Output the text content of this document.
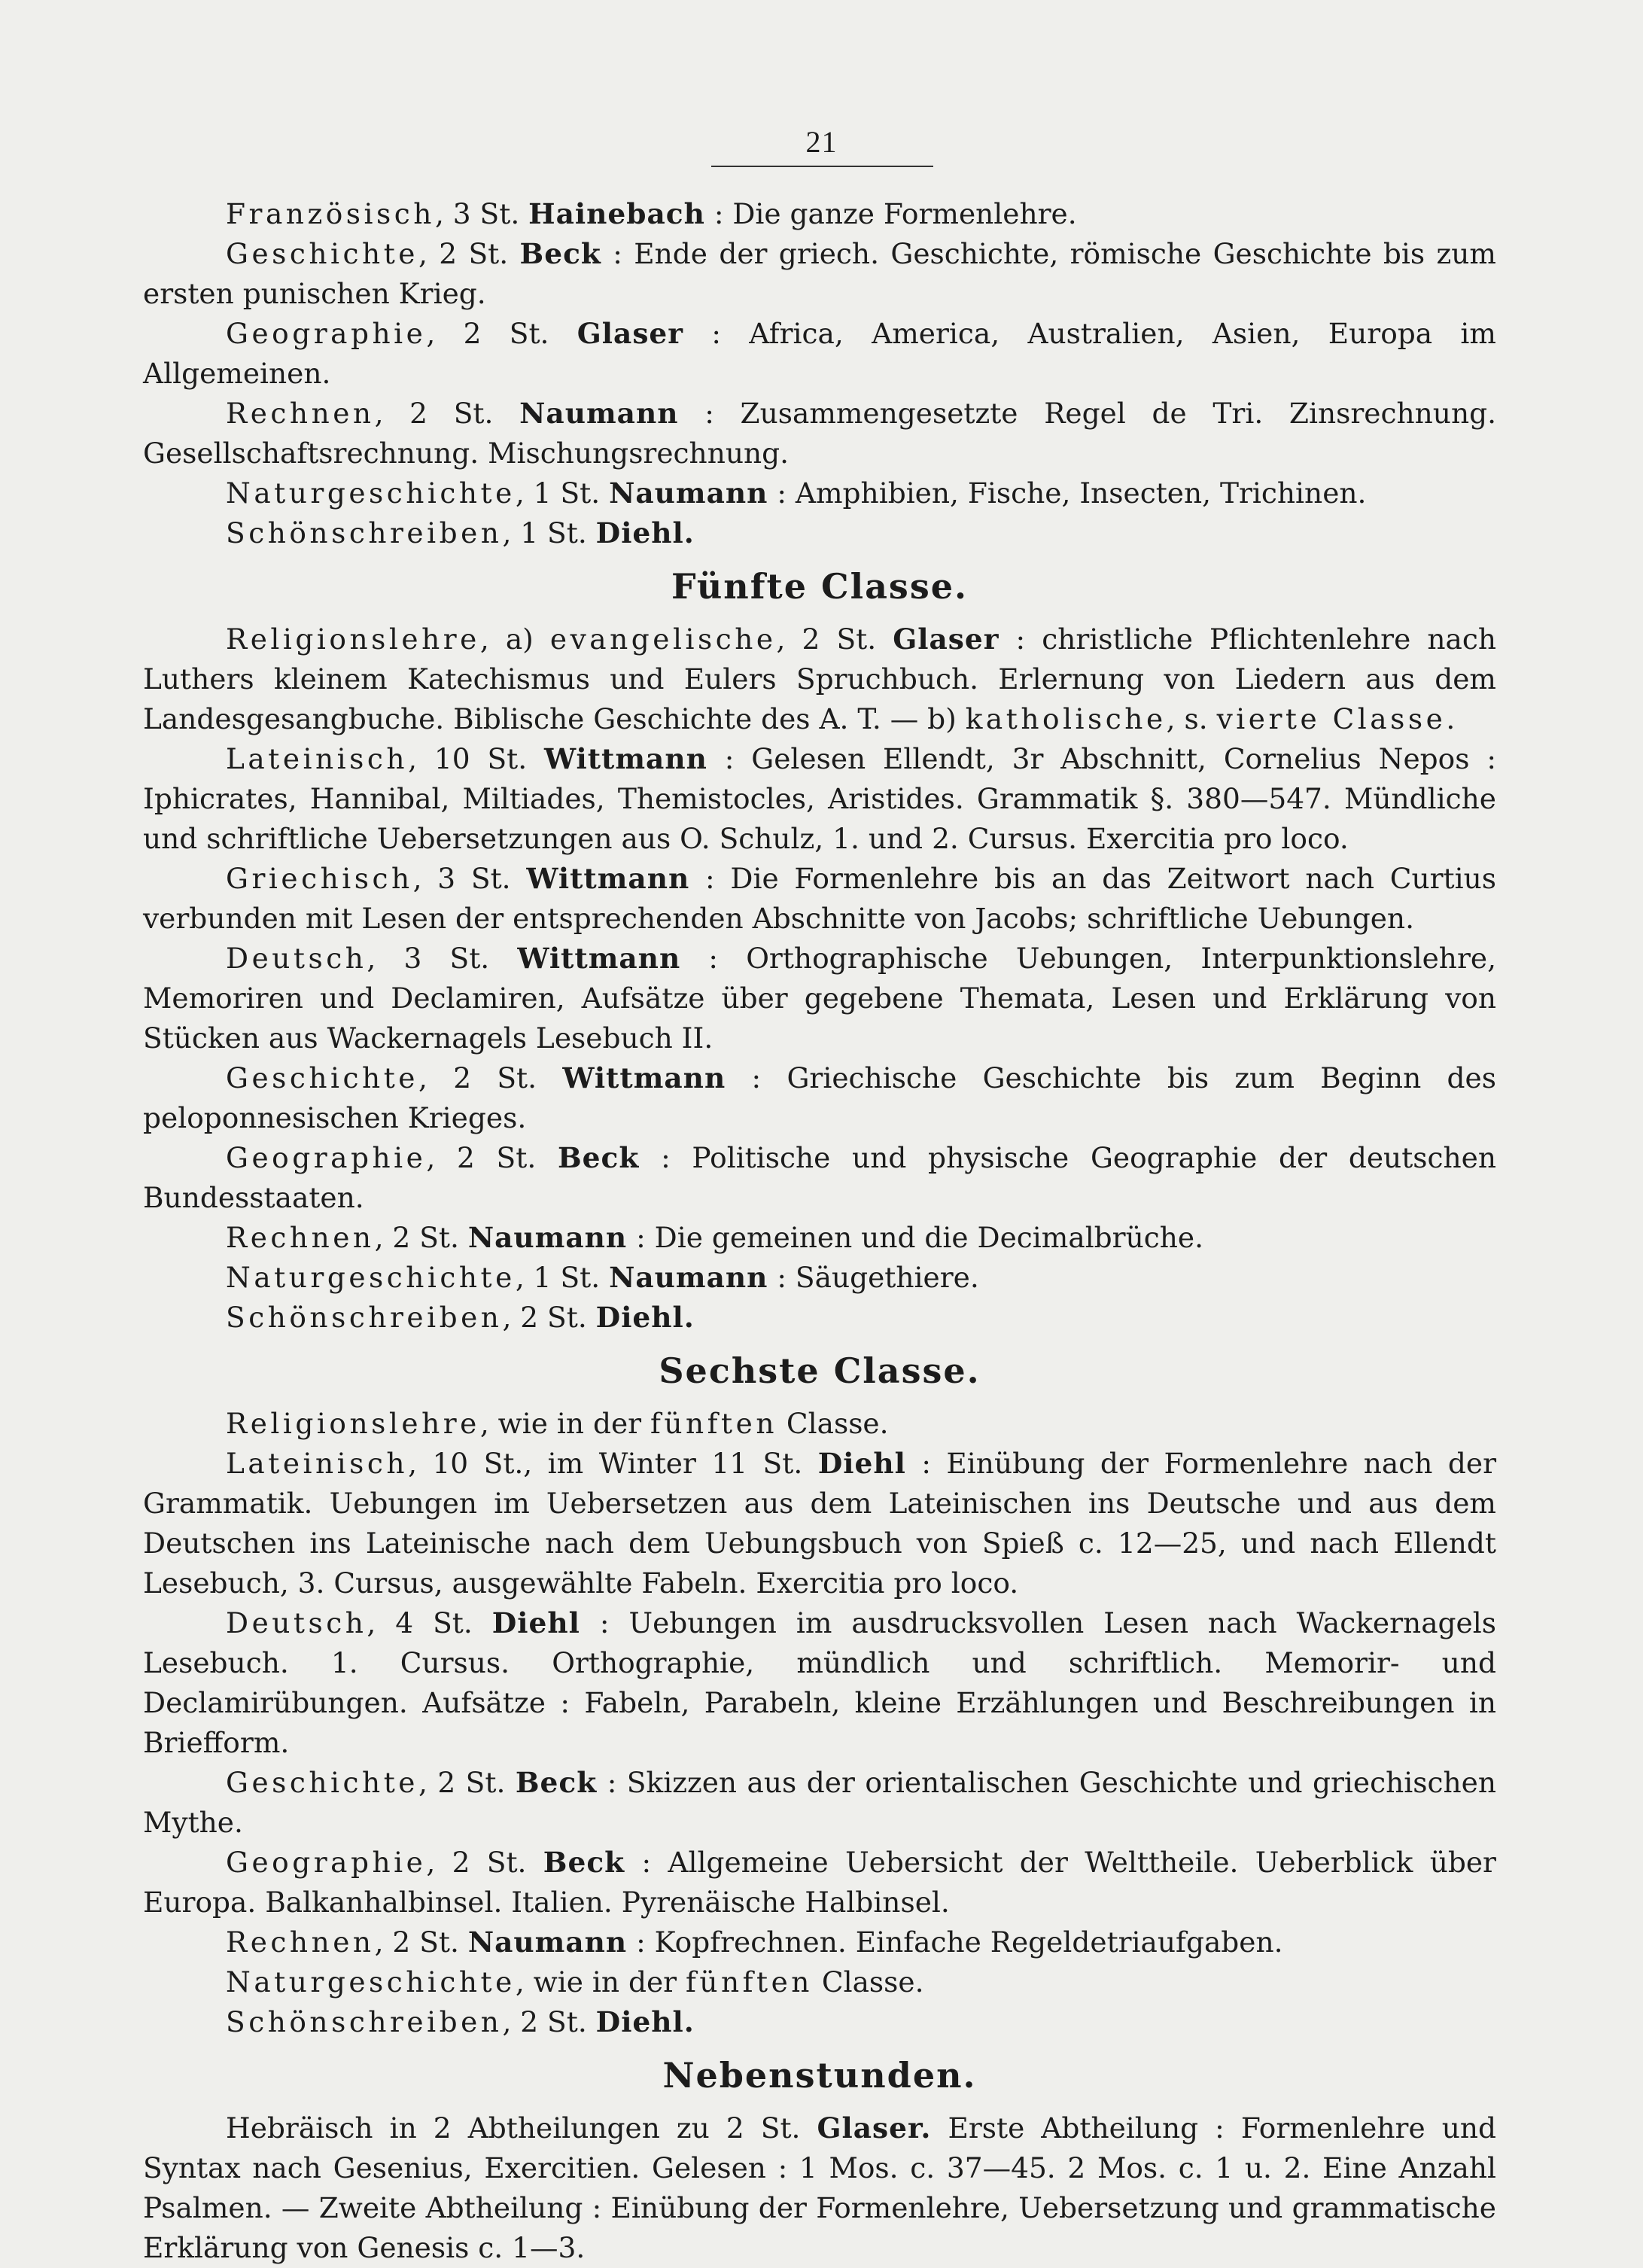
21

Französisch, 3 St. Hainebach : Die ganze Formenlehre.

Geschichte, 2 St. Beck : Ende der griech. Geschichte, römische Geschichte bis zum ersten punischen Krieg.

Geographie, 2 St. Glaser : Africa, America, Australien, Asien, Europa im Allgemeinen.

Rechnen, 2 St. Naumann : Zusammengesetzte Regel de Tri. Zinsrechnung. Gesellschaftsrechnung. Mischungsrechnung.

Naturgeschichte, 1 St. Naumann : Amphibien, Fische, Insecten, Trichinen.

Schönschreiben, 1 St. Diehl.

Fünfte Classe.

Religionslehre, a) evangelische, 2 St. Glaser : christliche Pflichtenlehre nach Luthers kleinem Katechismus und Eulers Spruchbuch. Erlernung von Liedern aus dem Landesgesangbuche. Biblische Geschichte des A. T. — b) katholische, s. vierte Classe.

Lateinisch, 10 St. Wittmann : Gelesen Ellendt, 3r Abschnitt, Cornelius Nepos : Iphicrates, Hannibal, Miltiades, Themistocles, Aristides. Grammatik §. 380—547. Mündliche und schriftliche Uebersetzungen aus O. Schulz, 1. und 2. Cursus. Exercitia pro loco.

Griechisch, 3 St. Wittmann : Die Formenlehre bis an das Zeitwort nach Curtius verbunden mit Lesen der entsprechenden Abschnitte von Jacobs; schriftliche Uebungen.

Deutsch, 3 St. Wittmann : Orthographische Uebungen, Interpunktionslehre, Memoriren und Declamiren, Aufsätze über gegebene Themata, Lesen und Erklärung von Stücken aus Wackernagels Lesebuch II.

Geschichte, 2 St. Wittmann : Griechische Geschichte bis zum Beginn des peloponnesischen Krieges.

Geographie, 2 St. Beck : Politische und physische Geographie der deutschen Bundesstaaten.

Rechnen, 2 St. Naumann : Die gemeinen und die Decimalbrüche.

Naturgeschichte, 1 St. Naumann : Säugethiere.

Schönschreiben, 2 St. Diehl.

Sechste Classe.

Religionslehre, wie in der fünften Classe.

Lateinisch, 10 St., im Winter 11 St. Diehl : Einübung der Formenlehre nach der Grammatik. Uebungen im Uebersetzen aus dem Lateinischen ins Deutsche und aus dem Deutschen ins Lateinische nach dem Uebungsbuch von Spieß c. 12—25, und nach Ellendt Lesebuch, 3. Cursus, ausgewählte Fabeln. Exercitia pro loco.

Deutsch, 4 St. Diehl : Uebungen im ausdrucksvollen Lesen nach Wackernagels Lesebuch. 1. Cursus. Orthographie, mündlich und schriftlich. Memorir- und Declamirübungen. Aufsätze : Fabeln, Parabeln, kleine Erzählungen und Beschreibungen in Briefform.

Geschichte, 2 St. Beck : Skizzen aus der orientalischen Geschichte und griechischen Mythe.

Geographie, 2 St. Beck : Allgemeine Uebersicht der Welttheile. Ueberblick über Europa. Balkanhalbinsel. Italien. Pyrenäische Halbinsel.

Rechnen, 2 St. Naumann : Kopfrechnen. Einfache Regeldetriaufgaben.

Naturgeschichte, wie in der fünften Classe.

Schönschreiben, 2 St. Diehl.

Nebenstunden.

Hebräisch in 2 Abtheilungen zu 2 St. Glaser. Erste Abtheilung : Formenlehre und Syntax nach Gesenius, Exercitien. Gelesen : 1 Mos. c. 37—45. 2 Mos. c. 1 u. 2. Eine Anzahl Psalmen. — Zweite Abtheilung : Einübung der Formenlehre, Uebersetzung und grammatische Erklärung von Genesis c. 1—3.
